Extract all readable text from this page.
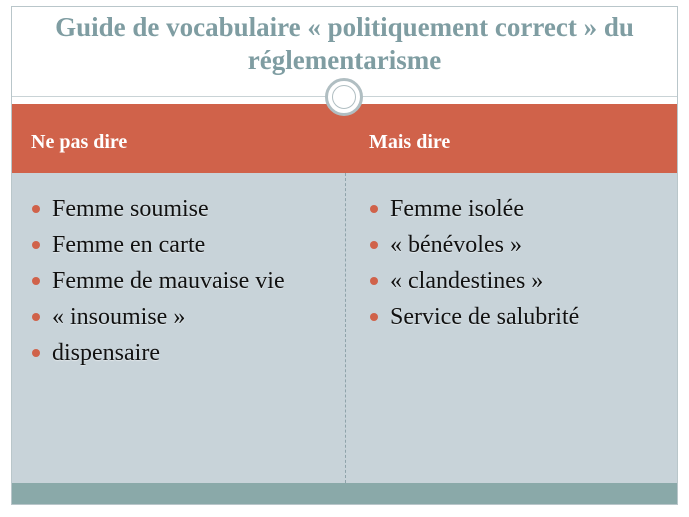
Guide de vocabulaire « politiquement correct » du réglementarisme
Ne pas dire	Mais dire
Femme soumise
Femme en carte
Femme de mauvaise vie
« insoumise »
dispensaire
Femme isolée
« bénévoles »
« clandestines »
Service de salubrité
